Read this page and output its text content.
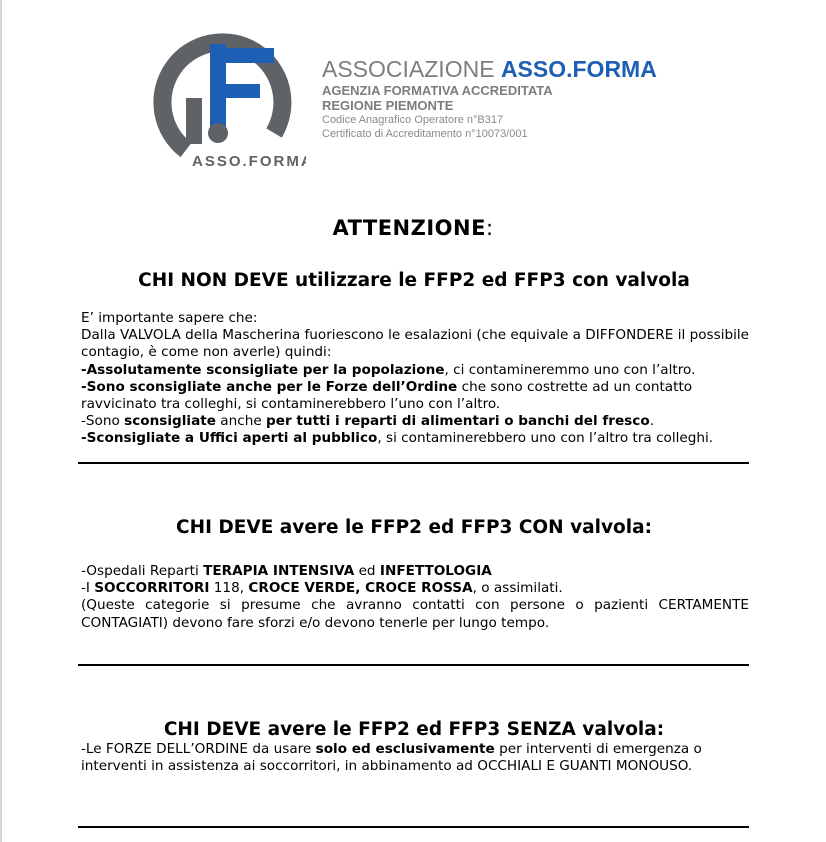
ASSO.FORMA
ASSOCIAZIONE ASSO.FORMA
AGENZIA FORMATIVA ACCREDITATA
REGIONE PIEMONTE
Codice Anagrafico Operatore n°B317
Certificato di Accreditamento n°10073/001
ATTENZIONE:
CHI NON DEVE utilizzare le FFP2 ed FFP3 con valvola

E’ importante sapere che:

Dalla VALVOLA della Mascherina fuoriescono le esalazioni (che equivale a DIFFONDERE il possibile contagio, è come non averle) quindi:

-Assolutamente sconsigliate per la popolazione, ci contamineremmo uno con l’altro.

-Sono sconsigliate anche per le Forze dell’Ordine che sono costrette ad un contatto ravvicinato tra colleghi, si contaminerebbero l’uno con l’altro.

-Sono sconsigliate anche per tutti i reparti di alimentari o banchi del fresco.

-Sconsigliate a Uffici aperti al pubblico, si contaminerebbero uno con l’altro tra colleghi.

CHI DEVE avere le FFP2 ed FFP3 CON valvola:

-Ospedali Reparti TERAPIA INTENSIVA ed INFETTOLOGIA

-I SOCCORRITORI 118, CROCE VERDE, CROCE ROSSA, o assimilati.

(Queste categorie si presume che avranno contatti con persone o pazienti CERTAMENTE CONTAGIATI) devono fare sforzi e/o devono tenerle per lungo tempo.

CHI DEVE avere le FFP2 ed FFP3 SENZA valvola:

-Le FORZE DELL’ORDINE da usare solo ed esclusivamente per interventi di emergenza o interventi in assistenza ai soccorritori, in abbinamento ad OCCHIALI E GUANTI MONOUSO.
